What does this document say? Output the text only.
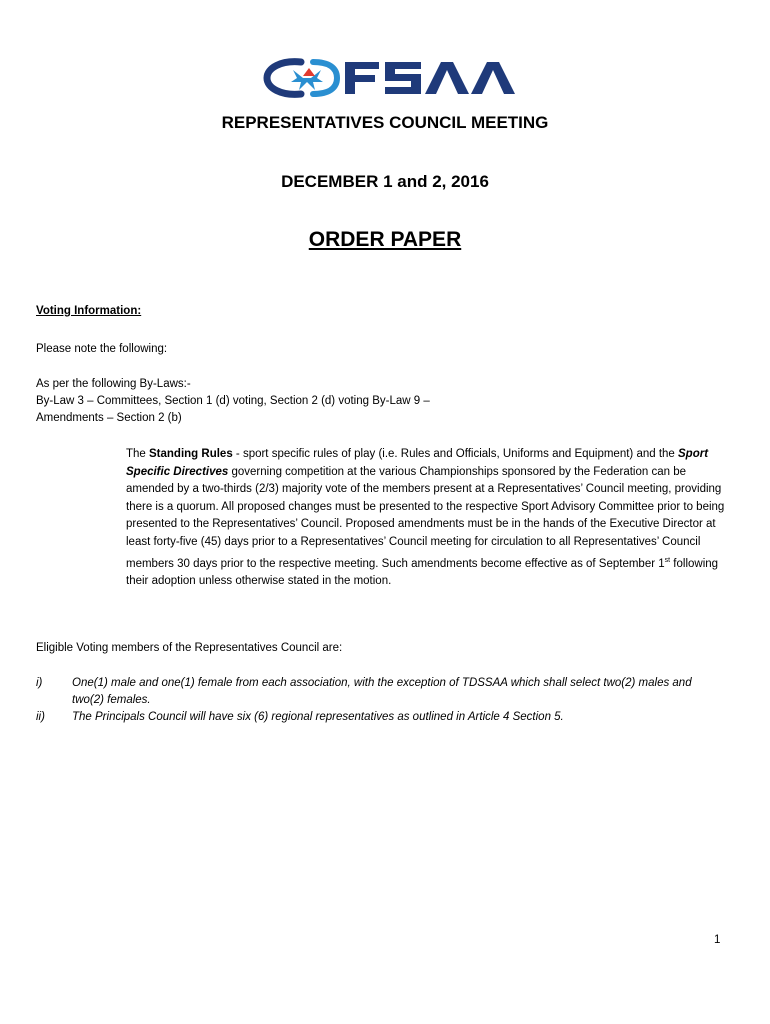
REPRESENTATIVES COUNCIL MEETING
DECEMBER 1 and 2, 2016
ORDER PAPER
Voting Information:
Please note the following:
As per the following By-Laws:-
By-Law 3 – Committees, Section 1 (d) voting, Section 2 (d) voting By-Law 9 –
Amendments – Section 2 (b)
The Standing Rules - sport specific rules of play (i.e. Rules and Officials, Uniforms and Equipment) and the Sport Specific Directives governing competition at the various Championships sponsored by the Federation can be amended by a two-thirds (2/3) majority vote of the members present at a Representatives’ Council meeting, providing there is a quorum. All proposed changes must be presented to the respective Sport Advisory Committee prior to being presented to the Representatives’ Council. Proposed amendments must be in the hands of the Executive Director at least forty-five (45) days prior to a Representatives’ Council meeting for circulation to all Representatives’ Council members 30 days prior to the respective meeting. Such amendments become effective as of September 1st following their adoption unless otherwise stated in the motion.
Eligible Voting members of the Representatives Council are:
i)	One(1) male and one(1) female from each association, with the exception of TDSSAA which shall select two(2) males and two(2) females.
ii)	The Principals Council will have six (6) regional representatives as outlined in Article 4 Section 5.
1
